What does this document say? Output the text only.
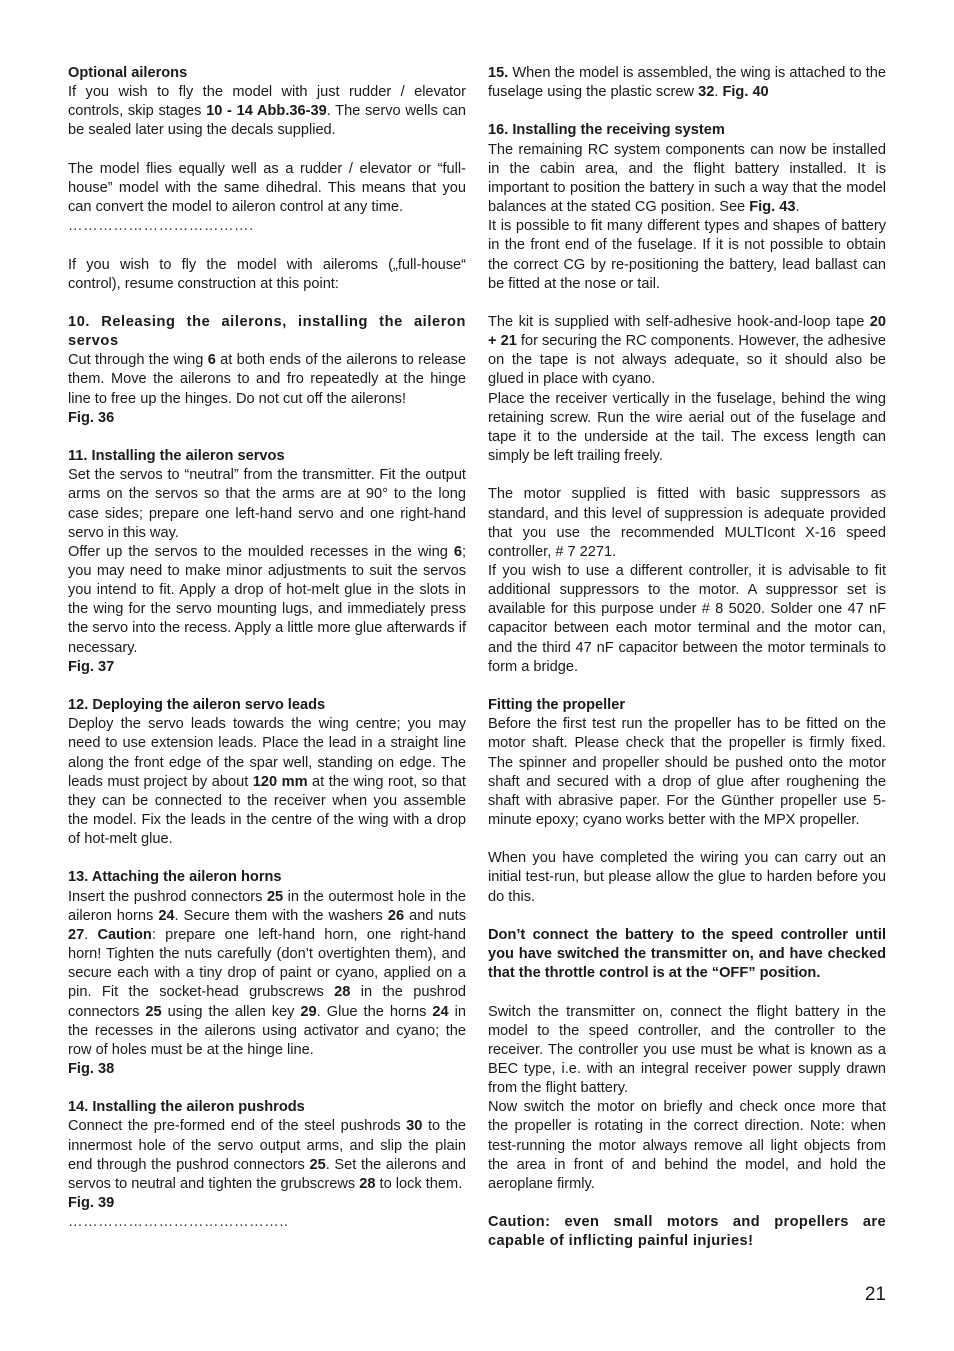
Optional ailerons

If you wish to fly the model with just rudder / elevator controls, skip stages 10 - 14 Abb.36-39. The servo wells can be sealed later using the decals supplied.

The model flies equally well as a rudder / elevator or “full-house” model with the same dihedral. This means that you can convert the model to aileron control at any time.

……………………………….

If you wish to fly the model with aileroms („full-house“ control), resume construction at this point:

10. Releasing the ailerons, installing the aileron servos

Cut through the wing 6 at both ends of the ailerons to release them. Move the ailerons to and fro repeatedly at the hinge line to free up the hinges. Do not cut off the ailerons!

Fig. 36

11. Installing the aileron servos

Set the servos to “neutral” from the transmitter. Fit the output arms on the servos so that the arms are at 90° to the long case sides; prepare one left-hand servo and one right-hand servo in this way.

Offer up the servos to the moulded recesses in the wing 6; you may need to make minor adjustments to suit the servos you intend to fit. Apply a drop of hot-melt glue in the slots in the wing for the servo mounting lugs, and immediately press the servo into the recess. Apply a little more glue afterwards if necessary.

Fig. 37

12. Deploying the aileron servo leads

Deploy the servo leads towards the wing centre; you may need to use extension leads. Place the lead in a straight line along the front edge of the spar well, standing on edge. The leads must project by about 120 mm at the wing root, so that they can be connected to the receiver when you assemble the model. Fix the leads in the centre of the wing with a drop of hot-melt glue.

13. Attaching the aileron horns

Insert the pushrod connectors 25 in the outermost hole in the aileron horns 24. Secure them with the washers 26 and nuts 27. Caution: prepare one left-hand horn, one right-hand horn! Tighten the nuts carefully (don’t overtighten them), and secure each with a tiny drop of paint or cyano, applied on a pin. Fit the socket-head grubscrews 28 in the pushrod connectors 25 using the allen key 29. Glue the horns 24 in the recesses in the ailerons using activator and cyano; the row of holes must be at the hinge line.

Fig. 38

14. Installing the aileron pushrods

Connect the pre-formed end of the steel pushrods 30 to the innermost hole of the servo output arms, and slip the plain end through the pushrod connectors 25. Set the ailerons and servos to neutral and tighten the grubscrews 28 to lock them.

Fig. 39

……………………………………..

15. When the model is assembled, the wing is attached to the fuselage using the plastic screw 32. Fig. 40

16. Installing the receiving system

The remaining RC system components can now be installed in the cabin area, and the flight battery installed. It is important to position the battery in such a way that the model balances at the stated CG position. See Fig. 43.

It is possible to fit many different types and shapes of battery in the front end of the fuselage. If it is not possible to obtain the correct CG by re-positioning the battery, lead ballast can be fitted at the nose or tail.

The kit is supplied with self-adhesive hook-and-loop tape 20 + 21 for securing the RC components. However, the adhesive on the tape is not always adequate, so it should also be glued in place with cyano.

Place the receiver vertically in the fuselage, behind the wing retaining screw. Run the wire aerial out of the fuselage and tape it to the underside at the tail. The excess length can simply be left trailing freely.

The motor supplied is fitted with basic suppressors as standard, and this level of suppression is adequate provided that you use the recommended MULTIcont X-16 speed controller, # 7 2271.

If you wish to use a different controller, it is advisable to fit additional suppressors to the motor. A suppressor set is available for this purpose under # 8 5020. Solder one 47 nF capacitor between each motor terminal and the motor can, and the third 47 nF capacitor between the motor terminals to form a bridge.

Fitting the propeller

Before the first test run the propeller has to be fitted on the motor shaft. Please check that the propeller is firmly fixed. The spinner and propeller should be pushed onto the motor shaft and secured with a drop of glue after roughening the shaft with abrasive paper. For the Günther propeller use 5-minute epoxy; cyano works better with the MPX propeller.

When you have completed the wiring you can carry out an initial test-run, but please allow the glue to harden before you do this.

Don’t connect the battery to the speed controller until you have switched the transmitter on, and have checked that the throttle control is at the “OFF” position.

Switch the transmitter on, connect the flight battery in the model to the speed controller, and the controller to the receiver. The controller you use must be what is known as a BEC type, i.e. with an integral receiver power supply drawn from the flight battery.

Now switch the motor on briefly and check once more that the propeller is rotating in the correct direction. Note: when test-running the motor always remove all light objects from the area in front of and behind the model, and hold the aeroplane firmly.

Caution: even small motors and propellers are capable of inflicting painful injuries!

21
